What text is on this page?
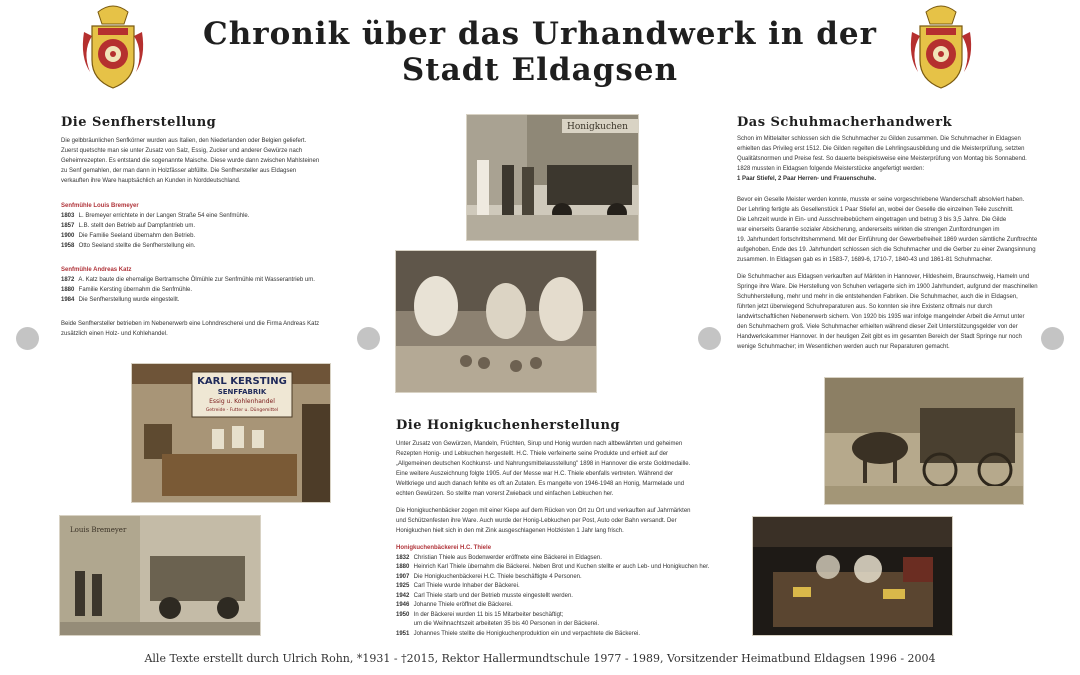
Chronik über das Urhandwerk in der Stadt Eldagsen
Die Senfherstellung
Die gelbbräunlichen Senfkörner wurden aus Italien, den Niederlanden oder Belgien geliefert.
Zuerst quetschte man sie unter Zusatz von Salz, Essig, Zucker und anderer Gewürze nach
Geheimrezepten. Es entstand die sogenannte Maische. Diese wurde dann zwischen Mahlsteinen
zu Senf gemahlen, der man dann in Holzfässer abfüllte. Die Senfhersteller aus Eldagsen
verkauften ihre Ware hauptsächlich an Kunden in Norddeutschland.
Senfmühle Louis Bremeyer
1803 L. Bremeyer errichtete in der Langen Straße 54 eine Senfmühle.
1857 L.B. stellt den Betrieb auf Dampfantrieb um.
1900 Die Familie Seeland übernahm den Betrieb.
1958 Otto Seeland stellte die Senfherstellung ein.
Senfmühle Andreas Katz
1872 A. Katz baute die ehemalige Bertramsche Ölmühle zur Senfmühle mit Wasserantrieb um.
1880 Familie Kersting übernahm die Senfmühle.
1984 Die Senfherstellung wurde eingestellt.
Beide Senfhersteller betrieben im Nebenerwerb eine Lohndrescherei und die Firma Andreas Katz
zusätzlich einen Holz- und Kohlehandel.
Honigkuchen
KARL KERSTING
SENFFABRIK
Essig u. Kohlenhandel
Getreide - Futter u. Düngemittel
Louis Bremeyer
Die Honigkuchenherstellung
Unter Zusatz von Gewürzen, Mandeln, Früchten, Sirup und Honig wurden nach altbewährten und geheimen
Rezepten Honig- und Lebkuchen hergestellt. H.C. Thiele verfeinerte seine Produkte und erhielt auf der
„Allgemeinen deutschen Kochkunst- und Nahrungsmittelausstellung" 1898 in Hannover die erste Goldmedaille.
Eine weitere Auszeichnung folgte 1905. Auf der Messe war H.C. Thiele ebenfalls vertreten. Während der
Weltkriege und auch danach fehlte es oft an Zutaten. Es mangelte von 1946-1948 an Honig, Marmelade und
echten Gewürzen. So stellte man vorerst Zwieback und einfachen Lebkuchen her.
Die Honigkuchenbäcker zogen mit einer Kiepe auf dem Rücken von Ort zu Ort und verkauften auf Jahrmärkten
und Schützenfesten ihre Ware. Auch wurde der Honig-Lebkuchen per Post, Auto oder Bahn versandt. Der
Honigkuchen hielt sich in den mit Zink ausgeschlagenen Holzkisten 1 Jahr lang frisch.
Honigkuchenbäckerei H.C. Thiele
1832 Christian Thiele aus Bodenwerder eröffnete eine Bäckerei in Eldagsen.
1880 Heinrich Karl Thiele übernahm die Bäckerei. Neben Brot und Kuchen stellte er auch Leb- und Honigkuchen her.
1907 Die Honigkuchenbäckerei H.C. Thiele beschäftigte 4 Personen.
1925 Carl Thiele wurde Inhaber der Bäckerei.
1942 Carl Thiele starb und der Betrieb musste eingestellt werden.
1946 Johanne Thiele eröffnet die Bäckerei.
1950 In der Bäckerei wurden 11 bis 15 Mitarbeiter beschäftigt;
um die Weihnachtszeit arbeiteten 35 bis 40 Personen in der Bäckerei.
1951 Johannes Thiele stellte die Honigkuchenproduktion ein und verpachtete die Bäckerei.
Das Schuhmacherhandwerk
Schon im Mittelalter schlossen sich die Schuhmacher zu Gilden zusammen. Die Schuhmacher in Eldagsen
erhielten das Privileg erst 1512. Die Gilden regelten die Lehrlingsausbildung und die Meisterprüfung, setzten
Qualitätsnormen und Preise fest. So dauerte beispielsweise eine Meisterprüfung von Montag bis Sonnabend.
1828 mussten in Eldagsen folgende Meisterstücke angefertigt werden:
1 Paar Stiefel, 2 Paar Herren- und Frauenschuhe.
Bevor ein Geselle Meister werden konnte, musste er seine vorgeschriebene Wanderschaft absolviert haben.
Der Lehrling fertigte als Gesellenstück 1 Paar Stiefel an, wobei der Geselle die einzelnen Teile zuschnitt.
Die Lehrzeit wurde in Ein- und Ausschreibebüchern eingetragen und betrug 3 bis 3,5 Jahre. Die Gilde
war einerseits Garantie sozialer Absicherung, andererseits wirkten die strengen Zunftordnungen im
19. Jahrhundert fortschrittshemmend. Mit der Einführung der Gewerbefreiheit 1869 wurden sämtliche Zunftrechte
aufgehoben. Ende des 19. Jahrhundert schlossen sich die Schuhmacher und die Gerber zu einer Zwangsinnung
zusammen. In Eldagsen gab es in 1583-7, 1689-6, 1710-7, 1840-43 und 1861-81 Schuhmacher.
Die Schuhmacher aus Eldagsen verkauften auf Märkten in Hannover, Hildesheim, Braunschweig, Hameln und
Springe ihre Ware. Die Herstellung von Schuhen verlagerte sich im 1900 Jahrhundert, aufgrund der maschinellen
Schuhherstellung, mehr und mehr in die entstehenden Fabriken. Die Schuhmacher, auch die in Eldagsen,
führten jetzt überwiegend Schuhreparaturen aus. So konnten sie ihre Existenz oftmals nur durch
landwirtschaftlichen Nebenerwerb sichern. Von 1920 bis 1935 war infolge mangelnder Arbeit die Armut unter
den Schuhmachern groß. Viele Schuhmacher erhielten während dieser Zeit Unterstützungsgelder von der
Handwerkskammer Hannover. In der heutigen Zeit gibt es im gesamten Bereich der Stadt Springe nur noch
wenige Schuhmacher; im Wesentlichen werden auch nur Reparaturen gemacht.
Alle Texte erstellt durch Ulrich Rohn, *1931 - †2015, Rektor Hallermundtschule 1977 - 1989, Vorsitzender Heimatbund Eldagsen 1996 - 2004
